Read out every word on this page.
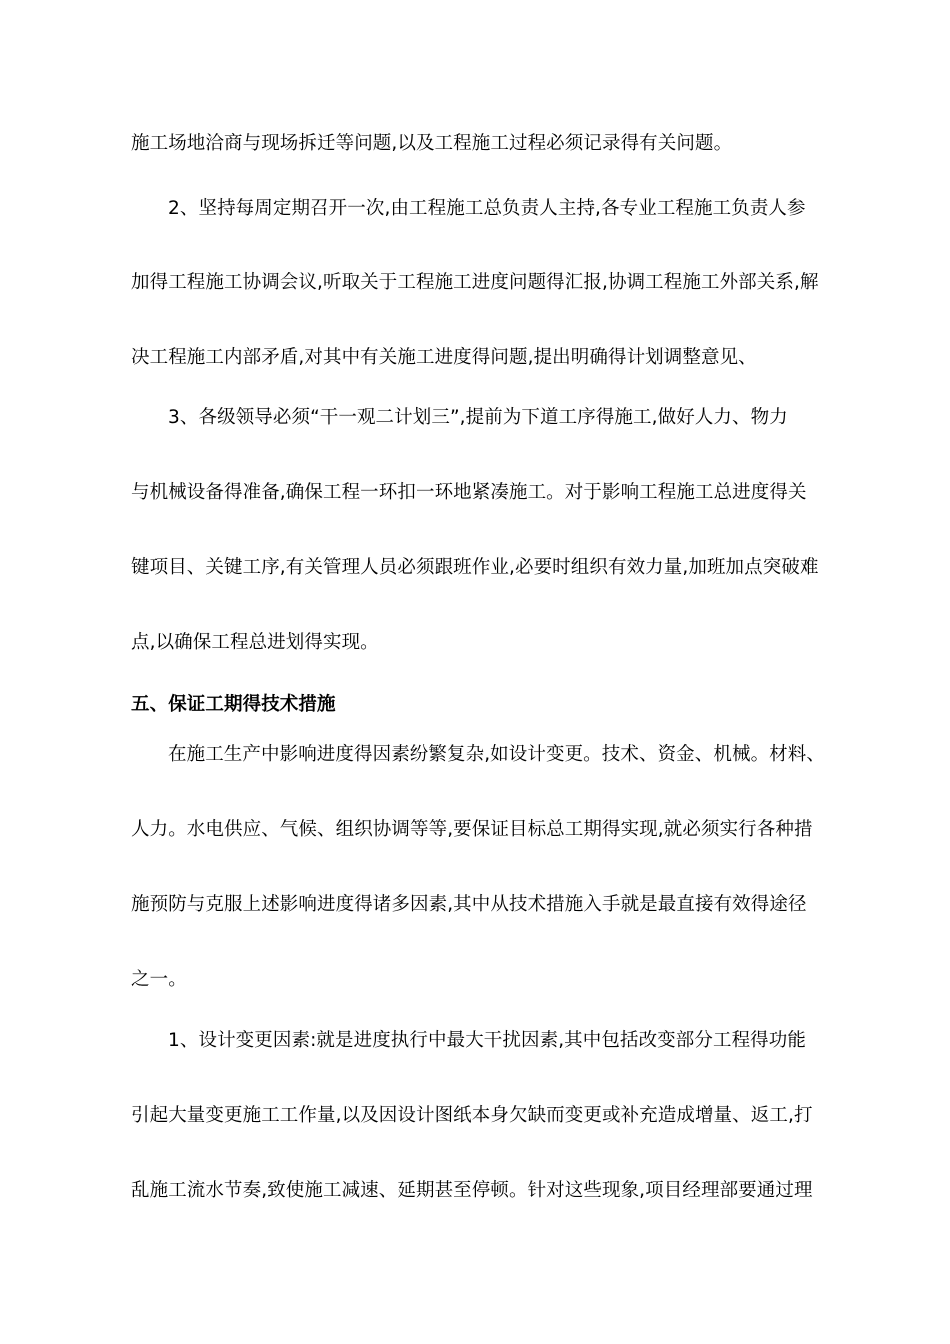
施工场地洽商与现场拆迁等问题,以及工程施工过程必须记录得有关问题。
2、坚持每周定期召开一次,由工程施工总负责人主持,各专业工程施工负责人参
加得工程施工协调会议,听取关于工程施工进度问题得汇报,协调工程施工外部关系,解
决工程施工内部矛盾,对其中有关施工进度得问题,提出明确得计划调整意见、
3、各级领导必须“干一观二计划三”,提前为下道工序得施工,做好人力、物力
与机械设备得准备,确保工程一环扣一环地紧凑施工。对于影响工程施工总进度得关
键项目、关键工序,有关管理人员必须跟班作业,必要时组织有效力量,加班加点突破难
点,以确保工程总进划得实现。
五、保证工期得技术措施
在施工生产中影响进度得因素纷繁复杂,如设计变更。技术、资金、机械。材料、
人力。水电供应、气候、组织协调等等,要保证目标总工期得实现,就必须实行各种措
施预防与克服上述影响进度得诸多因素,其中从技术措施入手就是最直接有效得途径
之一。
1、设计变更因素:就是进度执行中最大干扰因素,其中包括改变部分工程得功能
引起大量变更施工工作量,以及因设计图纸本身欠缺而变更或补充造成增量、返工,打
乱施工流水节奏,致使施工减速、延期甚至停顿。针对这些现象,项目经理部要通过理
